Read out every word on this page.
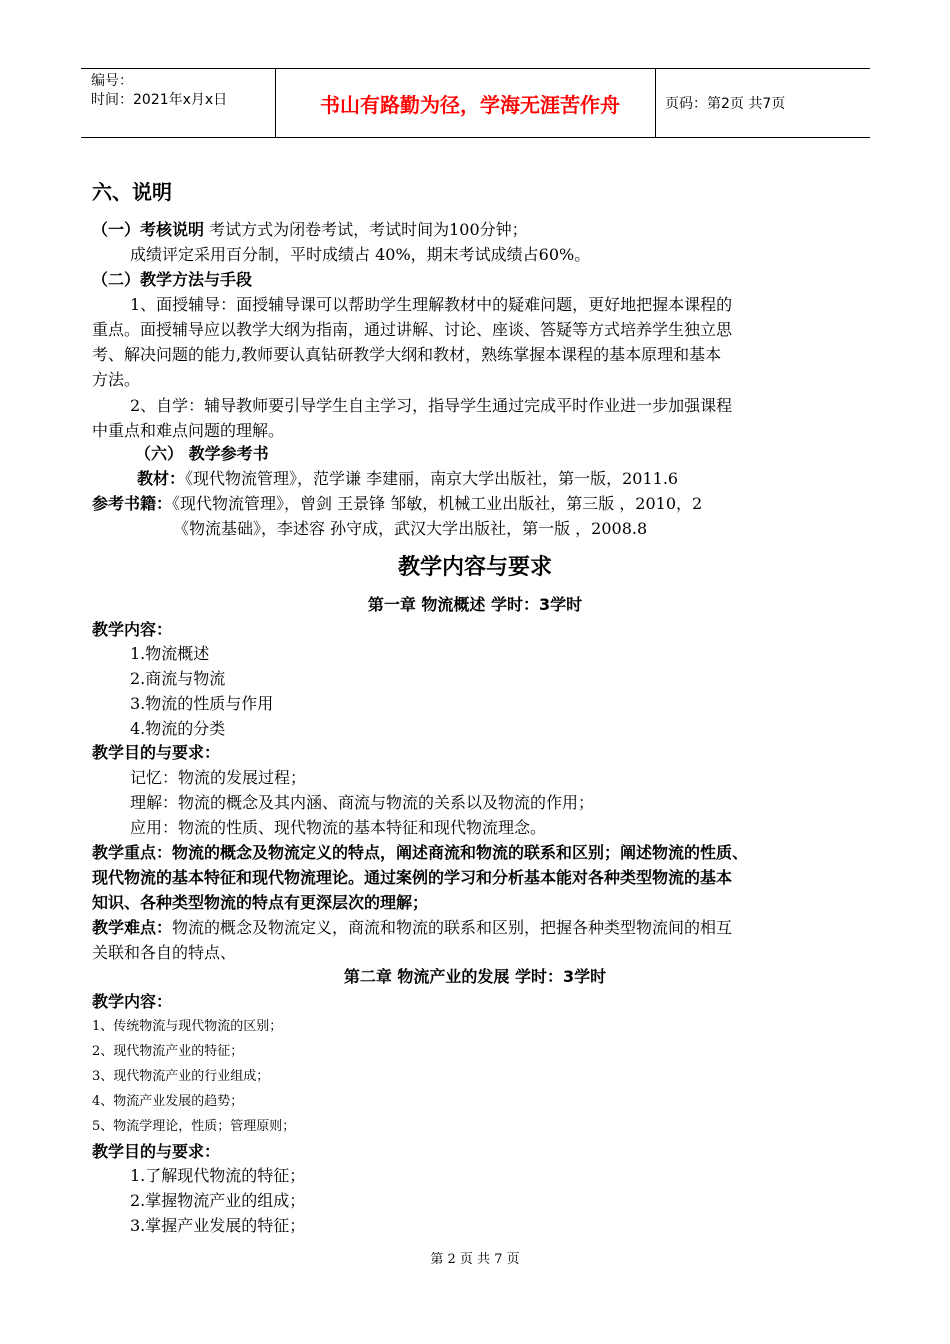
编号：
时间：2021年x月x日	书山有路勤为径，学海无涯苦作舟	页码：第2页 共7页
六、说明
（一）考核说明 考试方式为闭卷考试，考试时间为100分钟；
成绩评定采用百分制，平时成绩占 40%，期末考试成绩占60%。
（二）教学方法与手段
1、面授辅导：面授辅导课可以帮助学生理解教材中的疑难问题，更好地把握本课程的
重点。面授辅导应以教学大纲为指南，通过讲解、讨论、座谈、答疑等方式培养学生独立思
考、解决问题的能力,教师要认真钻研教学大纲和教材，熟练掌握本课程的基本原理和基本
方法。
2、自学：辅导教师要引导学生自主学习，指导学生通过完成平时作业进一步加强课程
中重点和难点问题的理解。
（六） 教学参考书
教材：《现代物流管理》，范学谦 李建丽，南京大学出版社，第一版，2011.6
参考书籍：《现代物流管理》，曾剑 王景锋 邹敏，机械工业出版社，第三版 ，2010，2
《物流基础》，李述容 孙守成，武汉大学出版社，第一版 ，2008.8
教学内容与要求
第一章 物流概述 学时：3学时
教学内容：
1.物流概述
2.商流与物流
3.物流的性质与作用
4.物流的分类
教学目的与要求：
记忆：物流的发展过程；
理解：物流的概念及其内涵、商流与物流的关系以及物流的作用；
应用：物流的性质、现代物流的基本特征和现代物流理念。
教学重点：物流的概念及物流定义的特点，阐述商流和物流的联系和区别；阐述物流的性质、
现代物流的基本特征和现代物流理论。通过案例的学习和分析基本能对各种类型物流的基本
知识、各种类型物流的特点有更深层次的理解；
教学难点：物流的概念及物流定义，商流和物流的联系和区别，把握各种类型物流间的相互
关联和各自的特点、
第二章 物流产业的发展 学时：3学时
教学内容：
1、传统物流与现代物流的区别；
2、现代物流产业的特征；
3、现代物流产业的行业组成；
4、物流产业发展的趋势；
5、物流学理论，性质；管理原则；
教学目的与要求：
1.了解现代物流的特征；
2.掌握物流产业的组成；
3.掌握产业发展的特征；
第 2 页 共 7 页
